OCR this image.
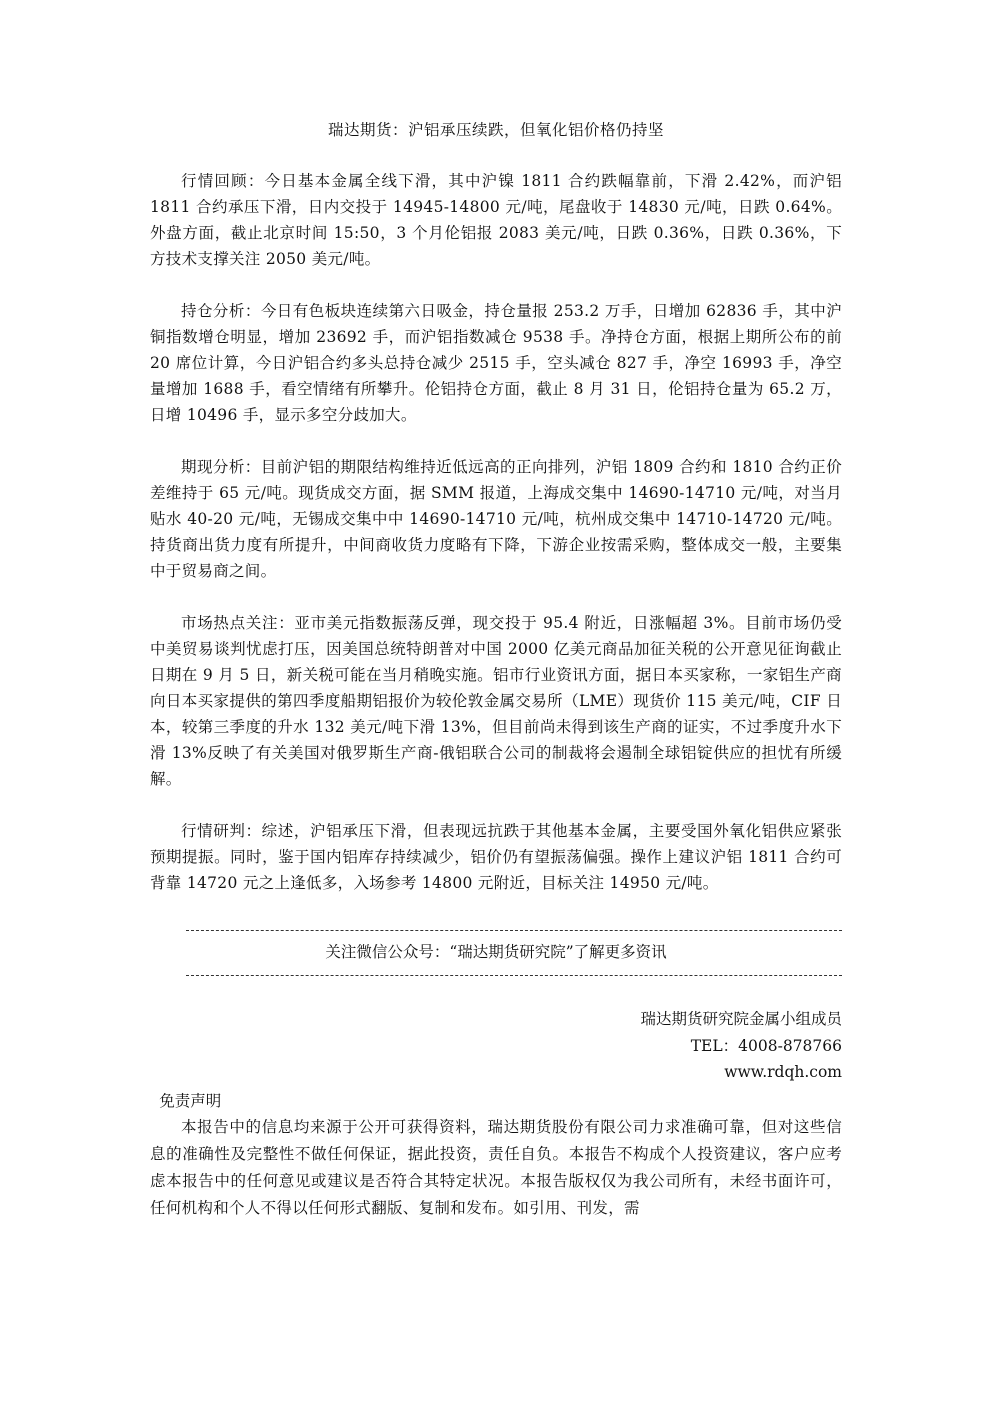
瑞达期货：沪铝承压续跌，但氧化铝价格仍持坚

行情回顾：今日基本金属全线下滑，其中沪镍 1811 合约跌幅靠前，下滑 2.42%，而沪铝 1811 合约承压下滑，日内交投于 14945-14800 元/吨，尾盘收于 14830 元/吨，日跌 0.64%。外盘方面，截止北京时间 15:50，3 个月伦铝报 2083 美元/吨，日跌 0.36%，日跌 0.36%，下方技术支撑关注 2050 美元/吨。

持仓分析：今日有色板块连续第六日吸金，持仓量报 253.2 万手，日增加 62836 手，其中沪铜指数增仓明显，增加 23692 手，而沪铝指数减仓 9538 手。净持仓方面，根据上期所公布的前 20 席位计算，今日沪铝合约多头总持仓减少 2515 手，空头减仓 827 手，净空 16993 手，净空量增加 1688 手，看空情绪有所攀升。伦铝持仓方面，截止 8 月 31 日，伦铝持仓量为 65.2 万，日增 10496 手，显示多空分歧加大。

期现分析：目前沪铝的期限结构维持近低远高的正向排列，沪铝 1809 合约和 1810 合约正价差维持于 65 元/吨。现货成交方面，据 SMM 报道，上海成交集中 14690-14710 元/吨，对当月贴水 40-20 元/吨，无锡成交集中中 14690-14710 元/吨，杭州成交集中 14710-14720 元/吨。持货商出货力度有所提升，中间商收货力度略有下降，下游企业按需采购，整体成交一般，主要集中于贸易商之间。

市场热点关注：亚市美元指数振荡反弹，现交投于 95.4 附近，日涨幅超 3%。目前市场仍受中美贸易谈判忧虑打压，因美国总统特朗普对中国 2000 亿美元商品加征关税的公开意见征询截止日期在 9 月 5 日，新关税可能在当月稍晚实施。铝市行业资讯方面，据日本买家称，一家铝生产商向日本买家提供的第四季度船期铝报价为较伦敦金属交易所（LME）现货价 115 美元/吨，CIF 日本，较第三季度的升水 132 美元/吨下滑 13%，但目前尚未得到该生产商的证实，不过季度升水下滑 13%反映了有关美国对俄罗斯生产商-俄铝联合公司的制裁将会遏制全球铝锭供应的担忧有所缓解。

行情研判：综述，沪铝承压下滑，但表现远抗跌于其他基本金属，主要受国外氧化铝供应紧张预期提振。同时，鉴于国内铝库存持续减少，铝价仍有望振荡偏强。操作上建议沪铝 1811 合约可背靠 14720 元之上逢低多，入场参考 14800 元附近，目标关注 14950 元/吨。

关注微信公众号：“瑞达期货研究院”了解更多资讯
瑞达期货研究院金属小组成员
TEL：4008-878766
www.rdqh.com
免责声明

本报告中的信息均来源于公开可获得资料，瑞达期货股份有限公司力求准确可靠，但对这些信息的准确性及完整性不做任何保证，据此投资，责任自负。本报告不构成个人投资建议，客户应考虑本报告中的任何意见或建议是否符合其特定状况。本报告版权仅为我公司所有，未经书面许可，任何机构和个人不得以任何形式翻版、复制和发布。如引用、刊发，需
